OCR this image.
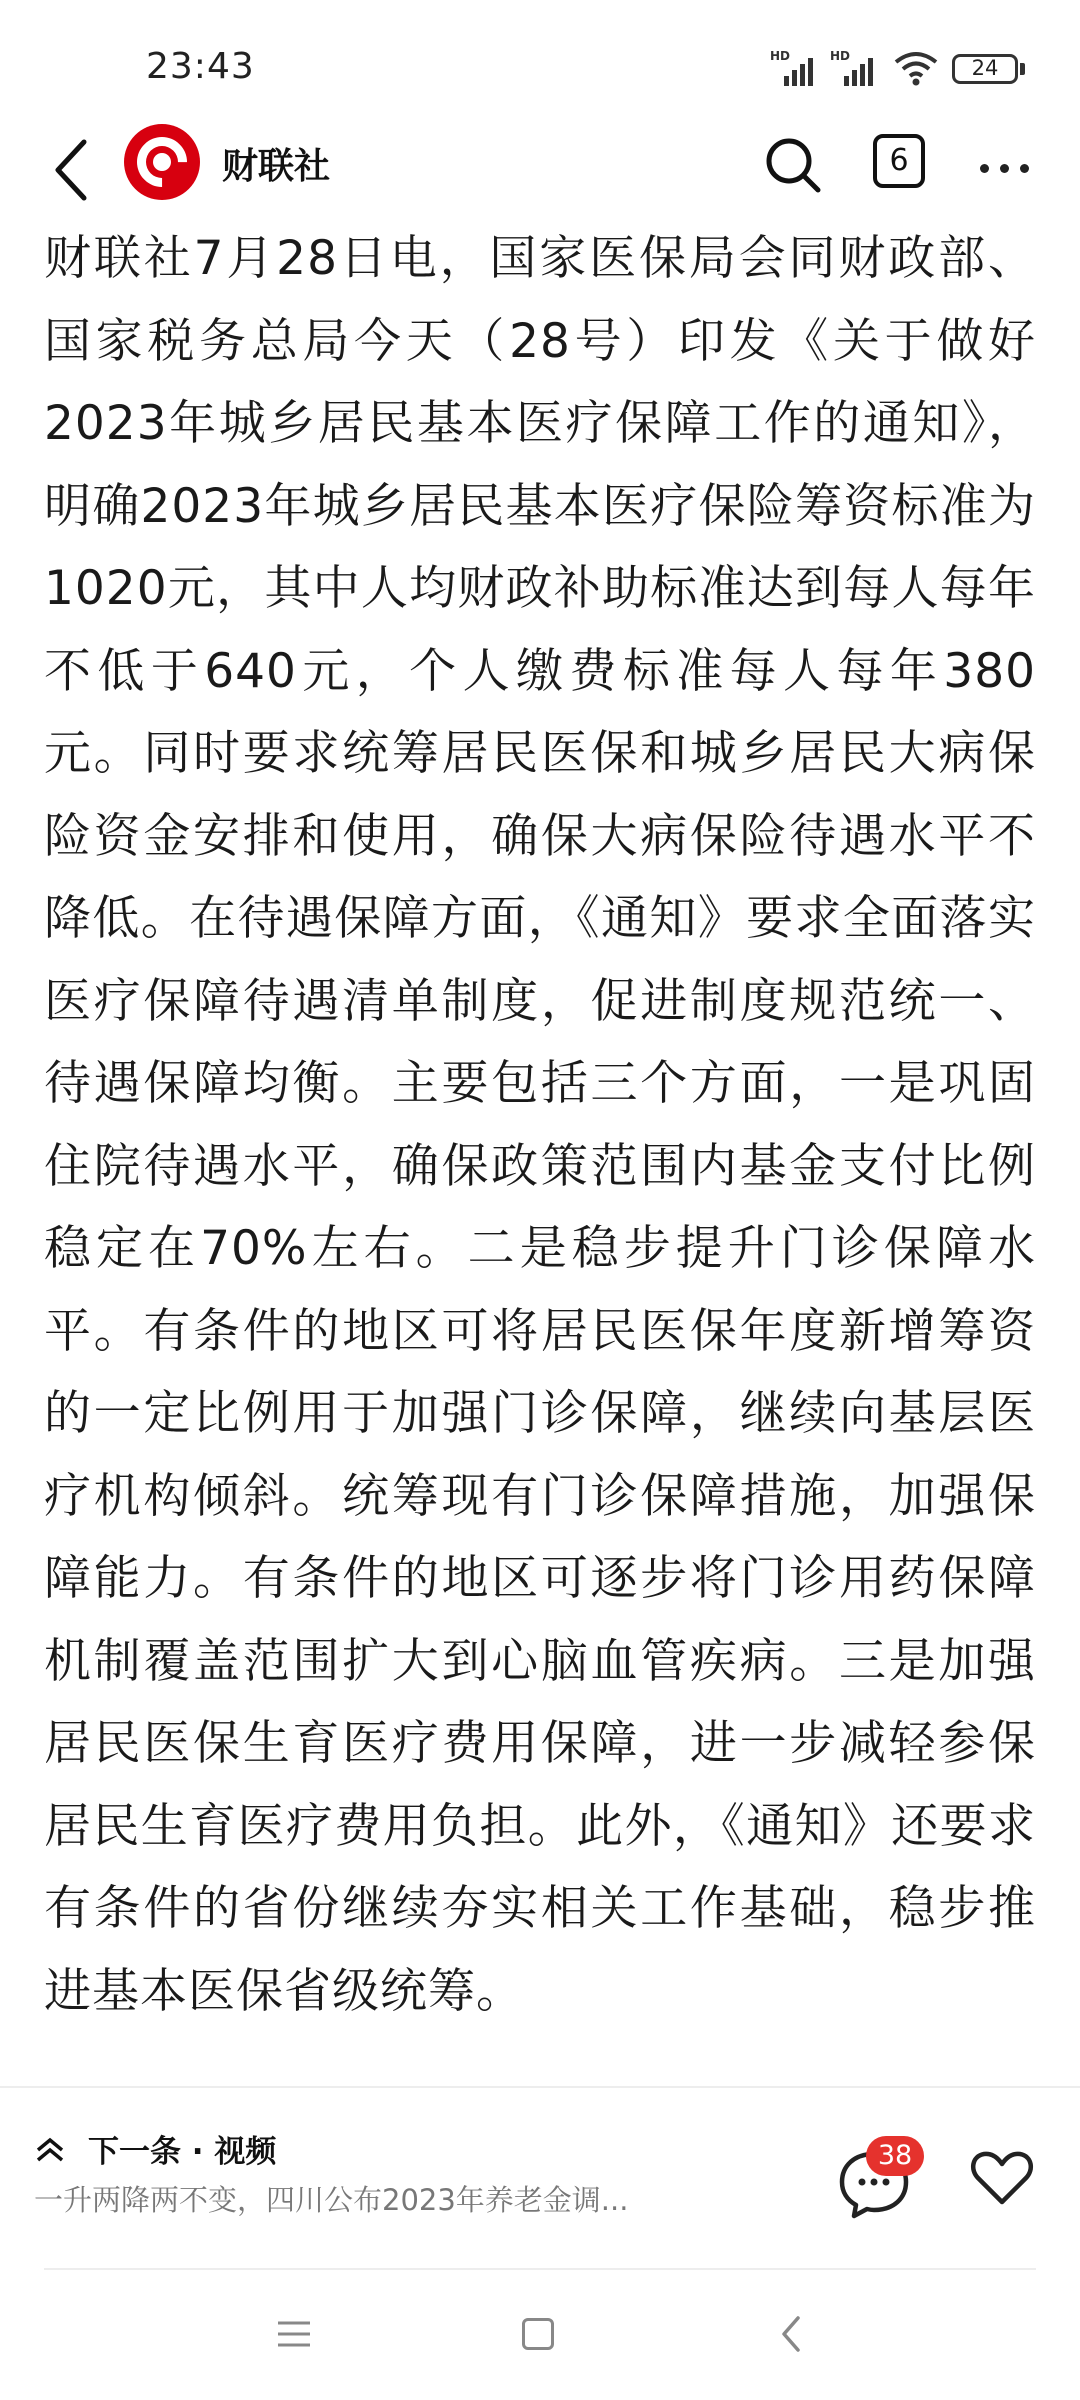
23:43	HD	HD	24
财联社	6
财联社7月28日电，国家医保局会同财政部、国家税务总局今天（28号）印发《关于做好2023年城乡居民基本医疗保障工作的通知》，明确2023年城乡居民基本医疗保险筹资标准为1020元，其中人均财政补助标准达到每人每年不低于640元，个人缴费标准每人每年380元。同时要求统筹居民医保和城乡居民大病保险资金安排和使用，确保大病保险待遇水平不降低。在待遇保障方面，《通知》要求全面落实医疗保障待遇清单制度，促进制度规范统一、待遇保障均衡。主要包括三个方面，一是巩固住院待遇水平，确保政策范围内基金支付比例稳定在70%左右。二是稳步提升门诊保障水平。有条件的地区可将居民医保年度新增筹资的一定比例用于加强门诊保障，继续向基层医疗机构倾斜。统筹现有门诊保障措施，加强保障能力。有条件的地区可逐步将门诊用药保障机制覆盖范围扩大到心脑血管疾病。三是加强居民医保生育医疗费用保障，进一步减轻参保居民生育医疗费用负担。此外，《通知》还要求有条件的省份继续夯实相关工作基础，稳步推进基本医保省级统筹。
下一条 · 视频
一升两降两不变，四川公布2023年养老金调...
38
